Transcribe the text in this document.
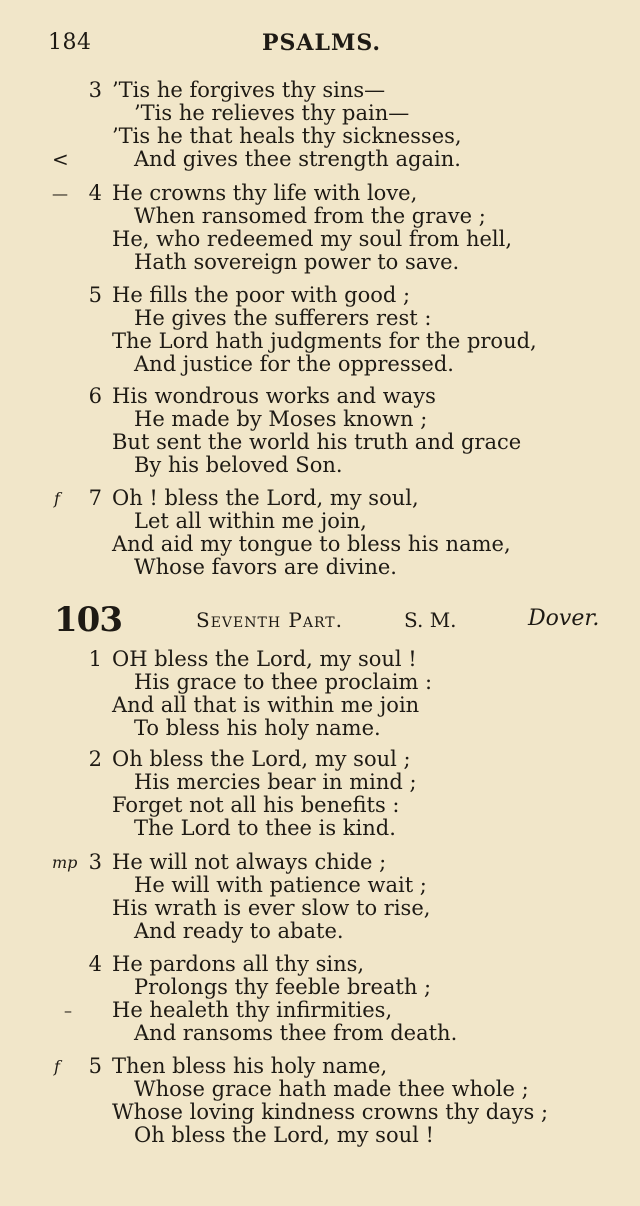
184	PSALMS.
3 ’Tis he forgives thy sins—
’Tis he relieves thy pain—
’Tis he that heals thy sicknesses,
<	And gives thee strength again.
— 4 He crowns thy life with love,
When ransomed from the grave ;
He, who redeemed my soul from hell,
Hath sovereign power to save.
5 He fills the poor with good ;
He gives the sufferers rest :
The Lord hath judgments for the proud,
And justice for the oppressed.
6 His wondrous works and ways
He made by Moses known ;
But sent the world his truth and grace
By his beloved Son.
f	7 Oh ! bless the Lord, my soul,
Let all within me join,
And aid my tongue to bless his name,
Whose favors are divine.
103	Seventh Part.	S. M.	Dover.
1 OH bless the Lord, my soul !
His grace to thee proclaim :
And all that is within me join
To bless his holy name.
2 Oh bless the Lord, my soul ;
His mercies bear in mind ;
Forget not all his benefits :
The Lord to thee is kind.
mp 3 He will not always chide ;
He will with patience wait ;
His wrath is ever slow to rise,
And ready to abate.
4 He pardons all thy sins,
Prolongs thy feeble breath ;
– He healeth thy infirmities,
And ransoms thee from death.
f	5 Then bless his holy name,
Whose grace hath made thee whole ;
Whose loving kindness crowns thy days ;
Oh bless the Lord, my soul !
